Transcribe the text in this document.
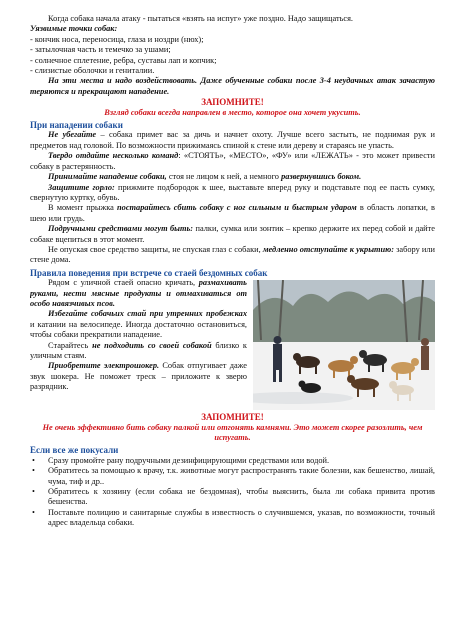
Когда собака начала атаку - пытаться «взять на испуг» уже поздно. Надо защищаться.

Уязвимые точки собак:

- кончик носа, переносица, глаза и ноздри (нюх);

- затылочная часть и темечко за ушами;

- солнечное сплетение, ребра, суставы лап и копчик;

- слизистые оболочки и гениталии.

На эти места и надо воздействовать. Даже обученные собаки после 3-4 неудачных атак зачастую теряются и прекращают нападение.

ЗАПОМНИТЕ!

Взгляд собаки всегда направлен в место, которое она хочет укусить.

При нападении собаки

Не убегайте – собака примет вас за дичь и начнет охоту. Лучше всего застыть, не поднимая рук и предметов над головой. По возможности прижимаясь спиной к стене или дереву и стараясь не упасть.

Твердо отдайте несколько команд: «СТОЯТЬ», «МЕСТО», «ФУ» или «ЛЕЖАТЬ» - это может привести собаку в растерянность.

Принимайте нападение собаки, стоя не лицом к ней, а немного развернувшись боком.

Защитите горло: прижмите подбородок к шее, выставьте вперед руку и подставьте под ее пасть сумку, свернутую куртку, обувь.

В момент прыжка постарайтесь сбить собаку с ног сильным и быстрым ударом в область лопатки, в шею или грудь.

Подручными средствами могут быть: палки, сумка или зонтик – крепко держите их перед собой и дайте собаке вцепиться в этот момент.

Не опуская свое средство защиты, не спуская глаз с собаки, медленно отступайте к укрытию: забору или стене дома.

Правила поведения при встрече со стаей бездомных собак

Рядом с уличной стаей опасно кричать, размахивать руками, нести мясные продукты и отмахиваться от особо навязчивых псов.

Избегайте собачьих стай при утренних пробежках и катании на велосипеде. Иногда достаточно остановиться, чтобы собаки прекратили нападение.

Старайтесь не подходить со своей собакой близко к уличным стаям.

Приобретите электрошокер. Собак отпугивает даже звук шокера. Не поможет треск – приложите к зверю разрядник.

ЗАПОМНИТЕ!

Не очень эффективно бить собаку палкой или отгонять камнями. Это может скорее разозлить, чем испугать.

Если все же покусали

• Сразу промойте рану подручными дезинфицирующими средствами или водой.
• Обратитесь за помощью к врачу, т.к. животные могут распространять такие болезни, как бешенство, лишай, чума, тиф и др..
• Обратитесь к хозяину (если собака не бездомная), чтобы выяснить, была ли собака привита против бешенства.
• Поставьте полицию и санитарные службы в известность о случившемся, указав, по возможности, точный адрес владельца собаки.
